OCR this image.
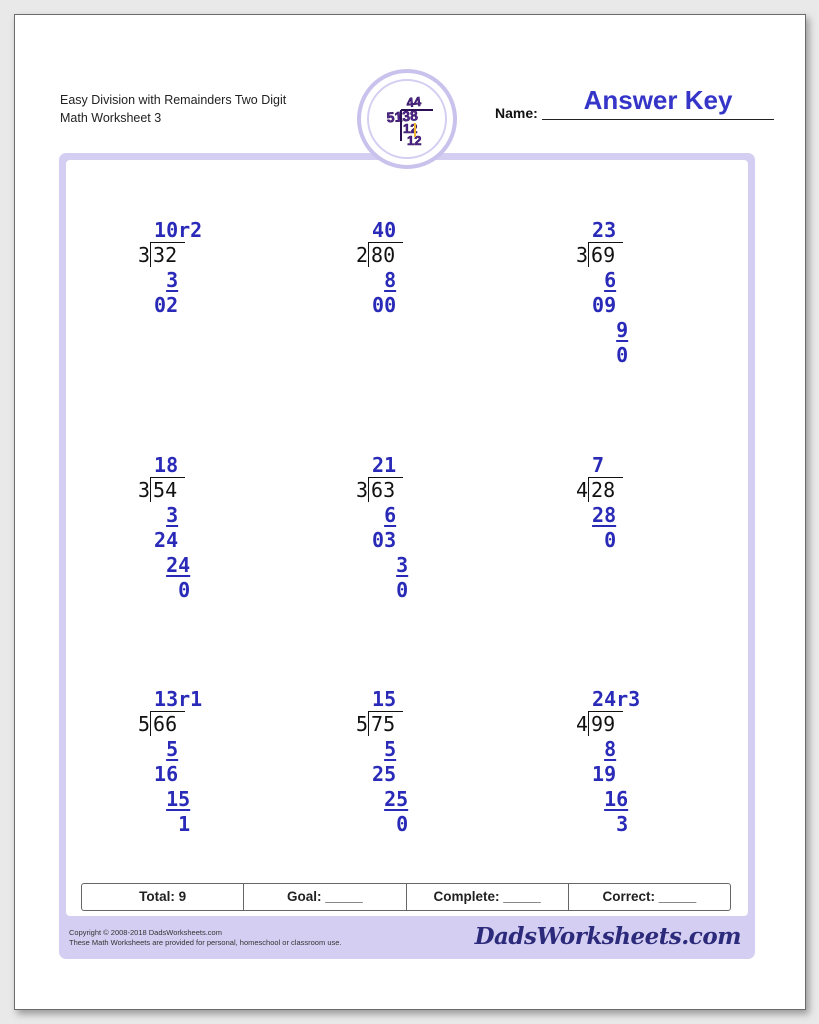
Easy Division with Remainders Two Digit
Math Worksheet 3
10r2
3 32
3
02
40
2 80
8
00
23
3 69
6
09
9
0
18
3 54
3
24
24
0
21
3 63
6
03
3
0
7
4 28
28
0
13r1
5 66
5
16
15
1
15
5 75
5
25
25
0
24r3
4 99
8
19
16
3
Total: 9	Goal: _____	Complete: _____	Correct: _____
Copyright © 2008-2018 DadsWorksheets.com
These Math Worksheets are provided for personal, homeschool or classroom use.	DadsWorksheets.com
44
5138
12
12
Name:	Answer Key
